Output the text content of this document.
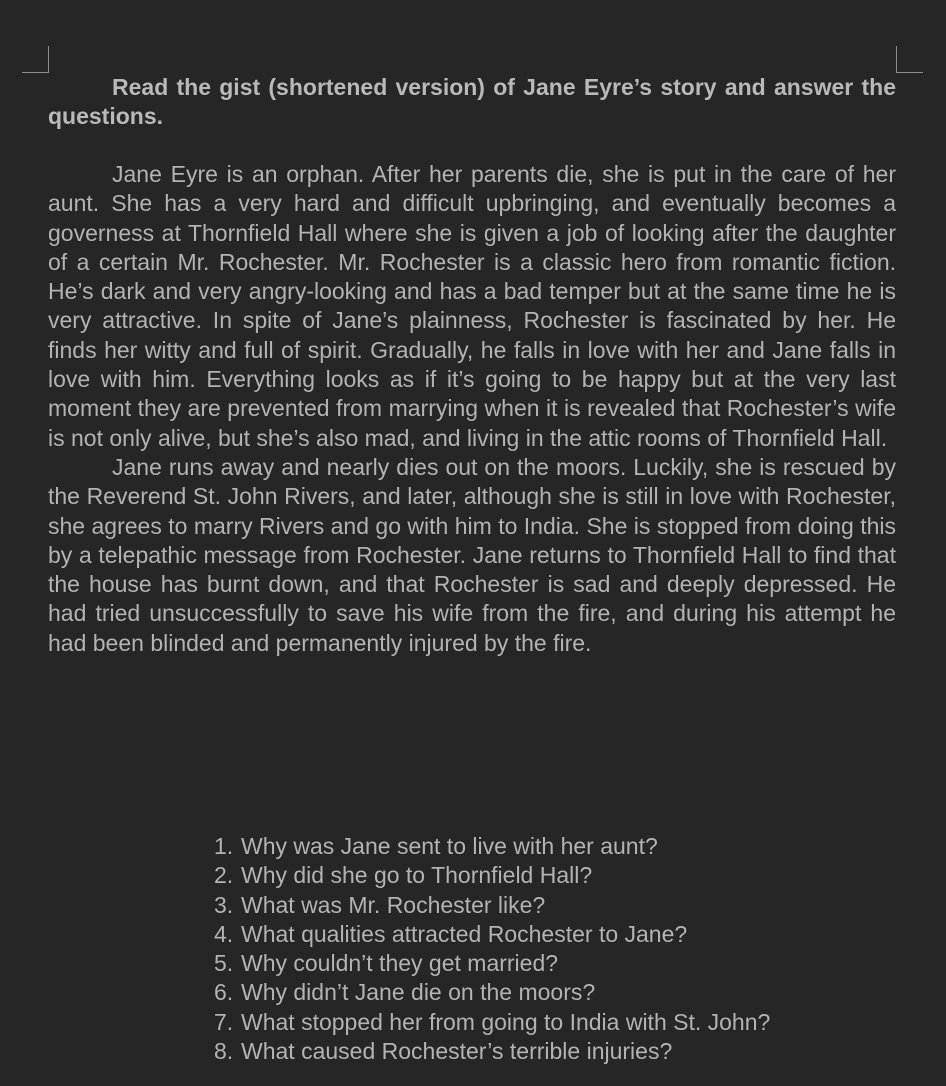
Read the gist (shortened version) of Jane Eyre’s story and answer the questions.

Jane Eyre is an orphan. After her parents die, she is put in the care of her aunt. She has a very hard and difficult upbringing, and eventually becomes a governess at Thornfield Hall where she is given a job of looking after the daughter of a certain Mr. Rochester. Mr. Rochester is a classic hero from romantic fiction. He’s dark and very angry-looking and has a bad temper but at the same time he is very attractive. In spite of Jane’s plainness, Rochester is fascinated by her. He finds her witty and full of spirit. Gradually, he falls in love with her and Jane falls in love with him. Everything looks as if it’s going to be happy but at the very last moment they are prevented from marrying when it is revealed that Rochester’s wife is not only alive, but she’s also mad, and living in the attic rooms of Thornfield Hall.

Jane runs away and nearly dies out on the moors. Luckily, she is rescued by the Reverend St. John Rivers, and later, although she is still in love with Rochester, she agrees to marry Rivers and go with him to India. She is stopped from doing this by a telepathic message from Rochester. Jane returns to Thornfield Hall to find that the house has burnt down, and that Rochester is sad and deeply depressed. He had tried unsuccessfully to save his wife from the fire, and during his attempt he had been blinded and permanently injured by the fire.

1. Why was Jane sent to live with her aunt?
2. Why did she go to Thornfield Hall?
3. What was Mr. Rochester like?
4. What qualities attracted Rochester to Jane?
5. Why couldn’t they get married?
6. Why didn’t Jane die on the moors?
7. What stopped her from going to India with St. John?
8. What caused Rochester’s terrible injuries?
